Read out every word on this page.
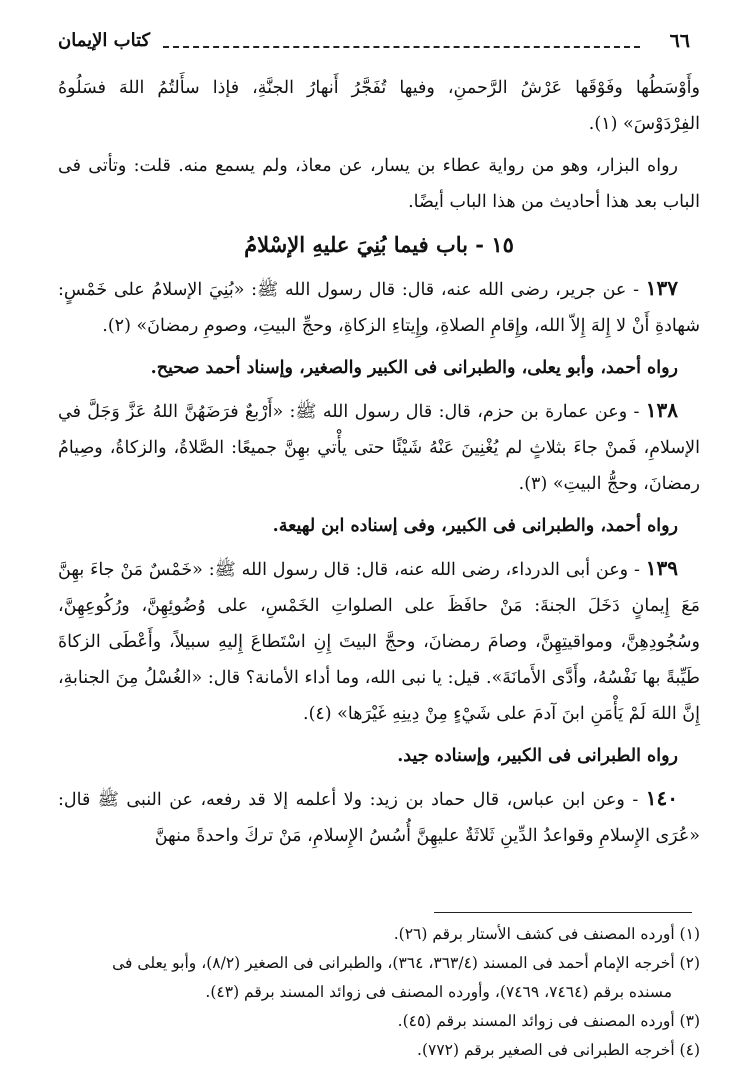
٦٦
كتاب الإيمان

وأَوْسَطُها وفَوْقَها عَرْشُ الرَّحمنِ، وفيها تُفَجَّرُ أَنهارُ الجنَّةِ، فإذا سأَلتُمُ اللهَ فسَلُوهُ الفِرْدَوْسَ» (١).

رواه البزار، وهو من رواية عطاء بن يسار، عن معاذ، ولم يسمع منه. قلت: وتأتى فى الباب بعد هذا أحاديث من هذا الباب أيضًا.

١٥ - باب فيما بُنِيَ عليهِ الإسْلامُ

١٣٧ - عن جرير، رضى الله عنه، قال: قال رسول الله ﷺ: «بُنِيَ الإسلامُ على خَمْسٍ: شهادةِ أَنْ لا إِلهَ إِلاّ الله، وإِقامِ الصلاةِ، وإِيتاءِ الزكاةِ، وحجِّ البيتِ، وصومِ رمضانَ» (٢).

رواه أحمد، وأبو يعلى، والطبرانى فى الكبير والصغير، وإسناد أحمد صحيح.

١٣٨ - وعن عمارة بن حزم، قال: قال رسول الله ﷺ: «أَرْبعٌ فرَضَهُنَّ اللهُ عَزَّ وَجَلَّ في الإسلامِ، فَمنْ جاءَ بثلاثٍ لم يُغْنِينَ عَنْهُ شَيْئًا حتى يأْتي بهِنَّ جميعًا: الصَّلاةُ، والزكاةُ، وصِيامُ رمضانَ، وحجُّ البيتِ» (٣).

رواه أحمد، والطبرانى فى الكبير، وفى إسناده ابن لهيعة.

١٣٩ - وعن أبى الدرداء، رضى الله عنه، قال: قال رسول الله ﷺ: «خَمْسٌ مَنْ جاءَ بهِنَّ مَعَ إِيمانٍ دَخَلَ الجنةَ: مَنْ حافَظَ على الصلواتِ الخَمْسِ، على وُضُوئِهِنَّ، ورُكُوعِهِنَّ، وسُجُودِهِنَّ، ومواقيتِهِنَّ، وصامَ رمضانَ، وحجَّ البيتَ إِنِ اسْتَطاعَ إِليهِ سبيلاً، وأَعْطَى الزكاةَ طَيِّبةً بها نَفْسُهُ، وأَدَّى الأَمانَةَ». قيل: يا نبى الله، وما أداء الأمانة؟ قال: «الغُسْلُ مِنَ الجنابةِ، إِنَّ اللهَ لَمْ يَأْمَنِ ابنَ آدمَ على شَيْءٍ مِنْ دِينِهِ غَيْرَها» (٤).

رواه الطبرانى فى الكبير، وإسناده جيد.

١٤٠ - وعن ابن عباس، قال حماد بن زيد: ولا أعلمه إلا قد رفعه، عن النبى ﷺ قال: «عُرَى الإِسلامِ وقواعدُ الدِّينِ ثَلاثَةٌ عليهِنَّ أُسُسُ الإِسلامِ، مَنْ تركَ واحدةً منهنَّ

(١) أورده المصنف فى كشف الأستار برقم (٢٦).

(٢) أخرجه الإمام أحمد فى المسند (٣٦٣/٤، ٣٦٤)، والطبرانى فى الصغير (٨/٢)، وأبو يعلى فى
مسنده برقم (٧٤٦٤، ٧٤٦٩)، وأورده المصنف فى زوائد المسند برقم (٤٣).

(٣) أورده المصنف فى زوائد المسند برقم (٤٥).

(٤) أخرجه الطبرانى فى الصغير برقم (٧٧٢).
